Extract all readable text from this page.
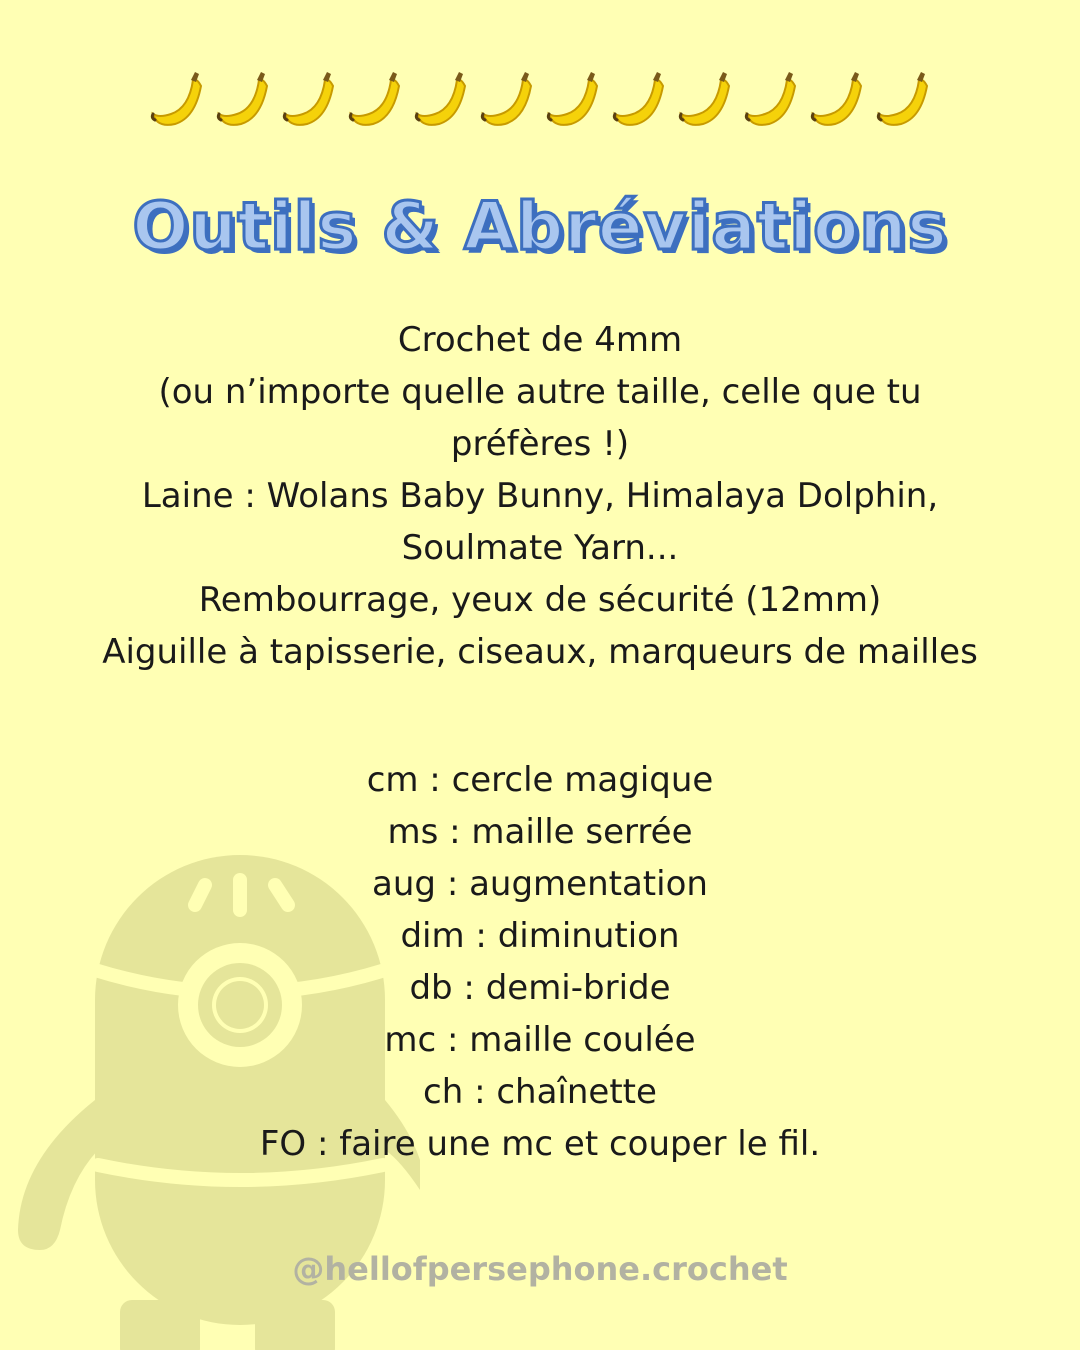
Outils & Abréviations
Crochet de 4mm
(ou n’importe quelle autre taille, celle que tu
préfères !)
Laine : Wolans Baby Bunny, Himalaya Dolphin,
Soulmate Yarn...
Rembourrage, yeux de sécurité (12mm)
Aiguille à tapisserie, ciseaux, marqueurs de mailles
cm : cercle magique
ms : maille serrée
aug : augmentation
dim : diminution
db : demi-bride
mc : maille coulée
ch : chaînette
FO : faire une mc et couper le fil.
@hellofpersephone.crochet
